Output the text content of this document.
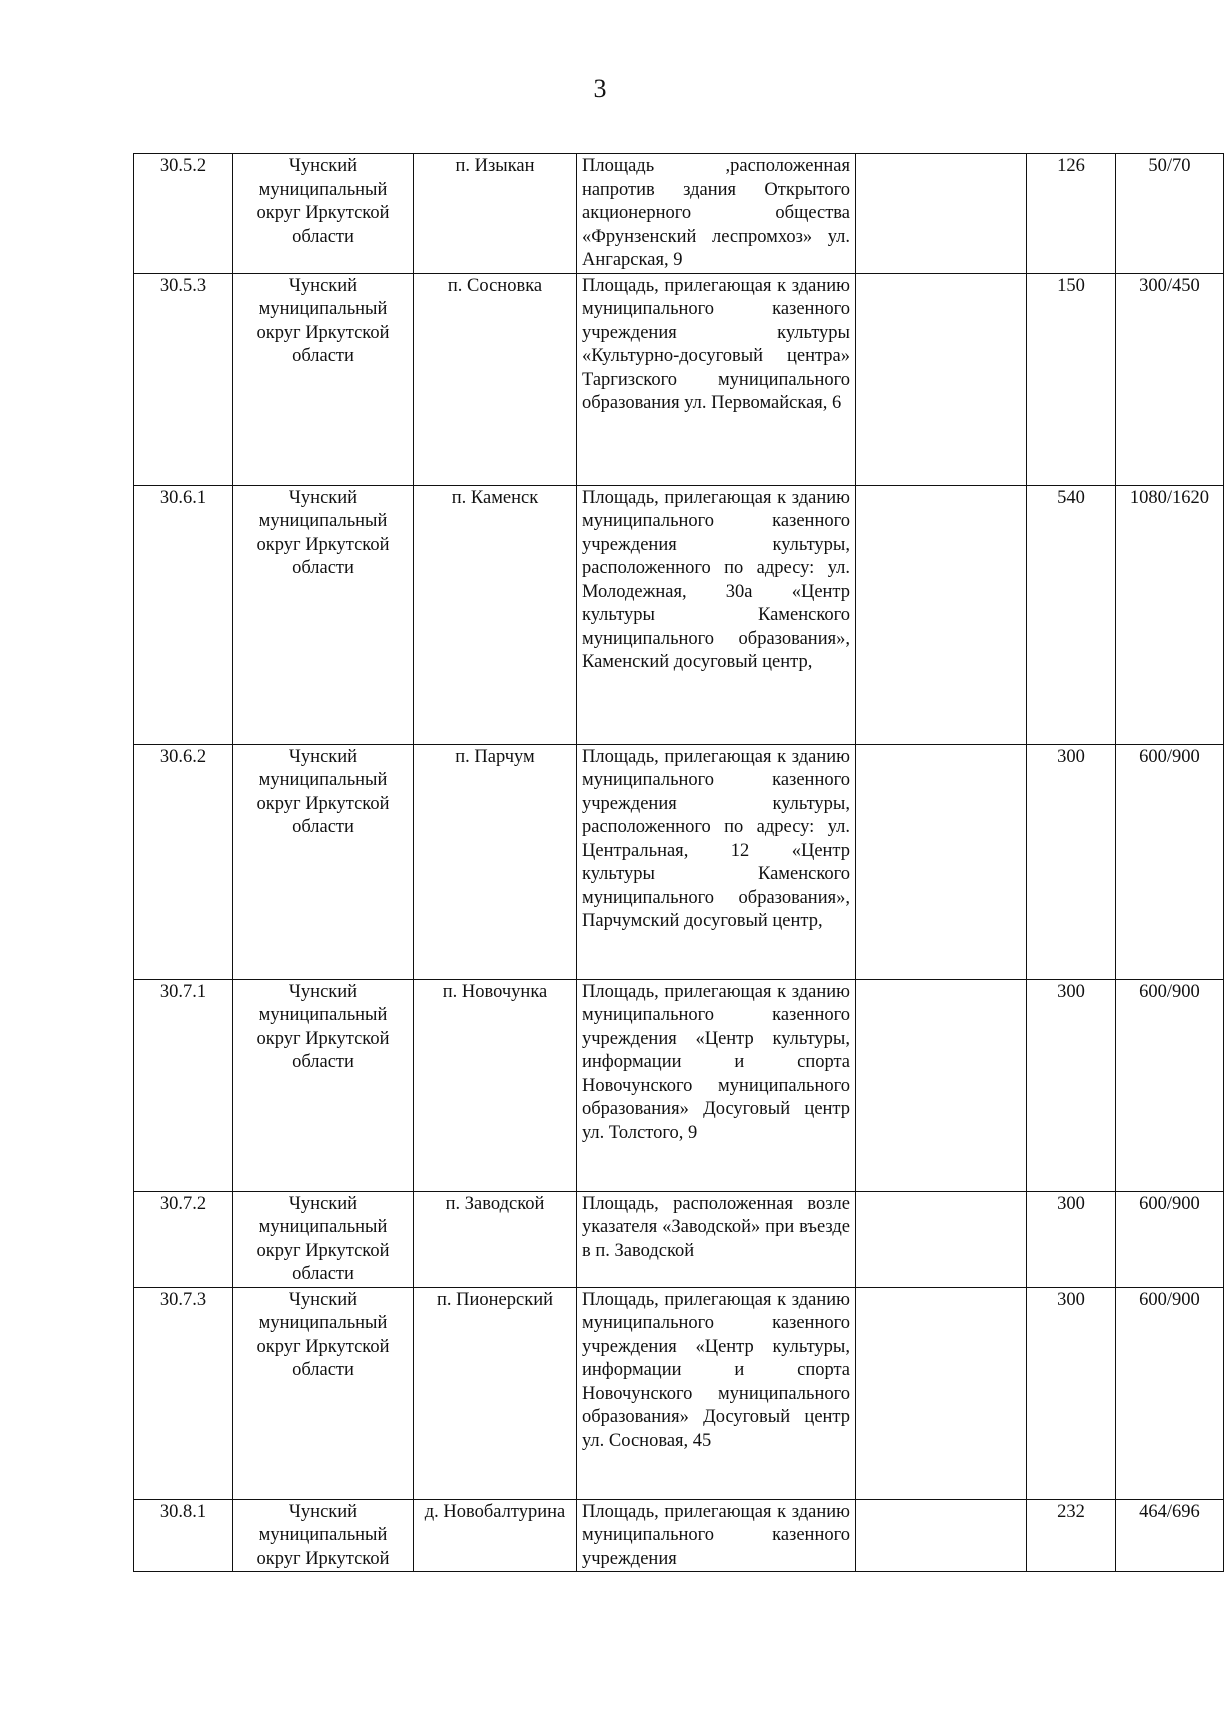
3
30.5.2	Чунский муниципальный округ Иркутской области	п. Изыкан	Площадь ,расположенная напротив здания Открытого акционерного общества «Фрунзенский леспромхоз» ул. Ангарская, 9		126	50/70
30.5.3	Чунский муниципальный округ Иркутской области	п. Сосновка	Площадь, прилегающая к зданию муниципального казенного учреждения культуры «Культурно-досуговый центра» Таргизского муниципального образования ул. Первомайская, 6		150	300/450
30.6.1	Чунский муниципальный округ Иркутской области	п. Каменск	Площадь, прилегающая к зданию муниципального казенного учреждения культуры, расположенного по адресу: ул. Молодежная, 30а «Центр культуры Каменского муниципального образования», Каменский досуговый центр,		540	1080/1620
30.6.2	Чунский муниципальный округ Иркутской области	п. Парчум	Площадь, прилегающая к зданию муниципального казенного учреждения культуры, расположенного по адресу: ул. Центральная, 12 «Центр культуры Каменского муниципального образования», Парчумский досуговый центр,		300	600/900
30.7.1	Чунский муниципальный округ Иркутской области	п. Новочунка	Площадь, прилегающая к зданию муниципального казенного учреждения «Центр культуры, информации и спорта Новочунского муниципального образования» Досуговый центр ул. Толстого, 9		300	600/900
30.7.2	Чунский муниципальный округ Иркутской области	п. Заводской	Площадь, расположенная возле указателя «Заводской» при въезде в п. Заводской		300	600/900
30.7.3	Чунский муниципальный округ Иркутской области	п. Пионерский	Площадь, прилегающая к зданию муниципального казенного учреждения «Центр культуры, информации и спорта Новочунского муниципального образования» Досуговый центр ул. Сосновая, 45		300	600/900
30.8.1	Чунский муниципальный округ Иркутской	д. Новобалтурина	Площадь, прилегающая к зданию муниципального казенного учреждения		232	464/696
